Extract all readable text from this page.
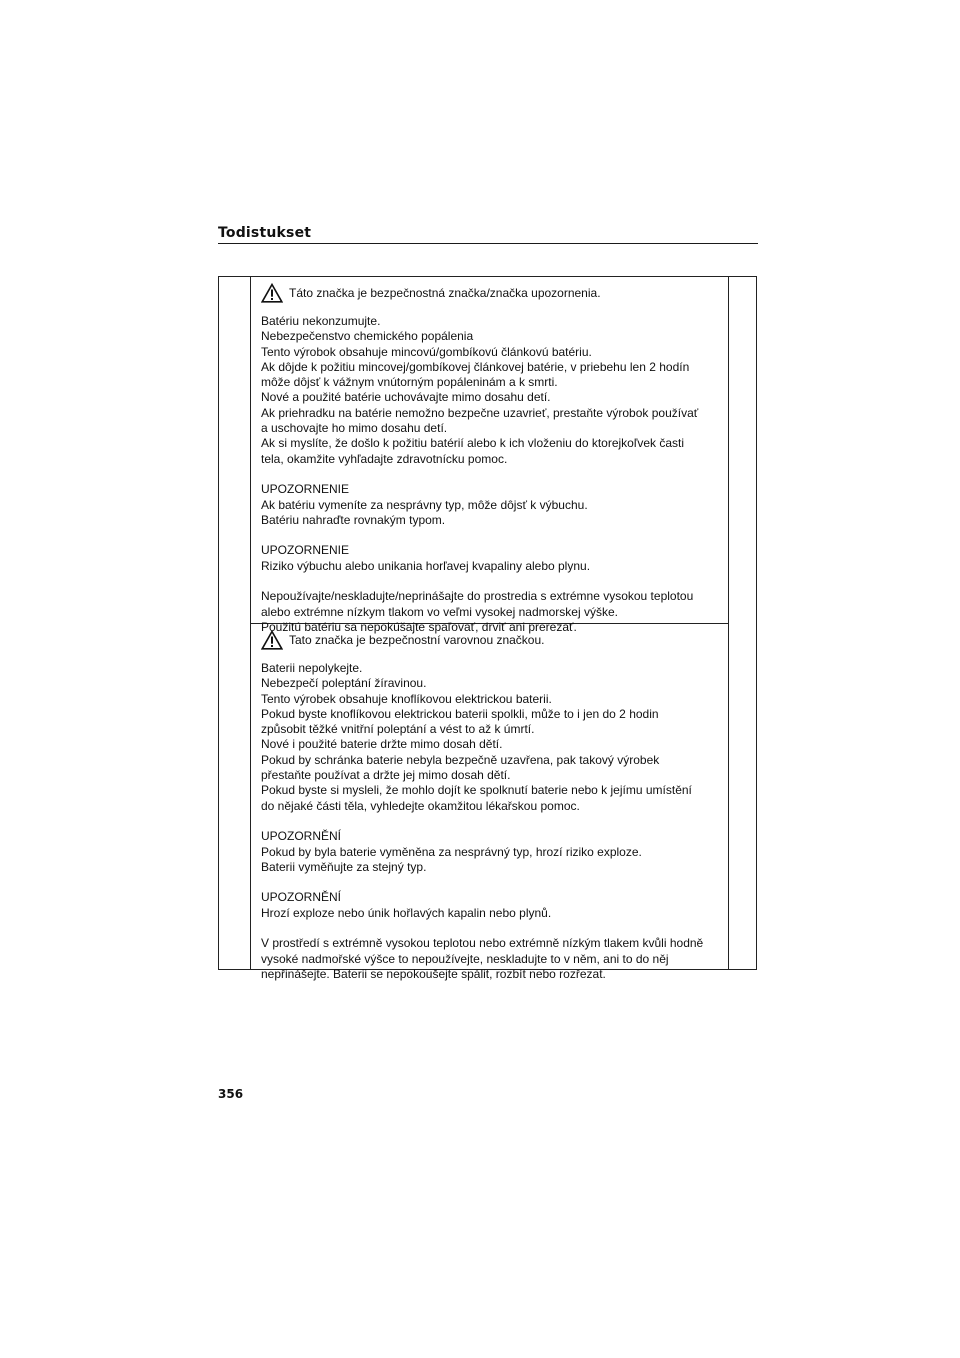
Todistukset
Táto značka je bezpečnostná značka/značka upozornenia.
Batériu nekonzumujte.
Nebezpečenstvo chemického popálenia
Tento výrobok obsahuje mincovú/gombíkovú článkovú batériu.
Ak dôjde k požitiu mincovej/gombíkovej článkovej batérie, v priebehu len 2 hodín
môže dôjsť k vážnym vnútorným popáleninám a k smrti.
Nové a použité batérie uchovávajte mimo dosahu detí.
Ak priehradku na batérie nemožno bezpečne uzavrieť, prestaňte výrobok používať
a uschovajte ho mimo dosahu detí.
Ak si myslíte, že došlo k požitiu batérií alebo k ich vloženiu do ktorejkoľvek časti
tela, okamžite vyhľadajte zdravotnícku pomoc.
UPOZORNENIE
Ak batériu vymeníte za nesprávny typ, môže dôjsť k výbuchu.
Batériu nahraďte rovnakým typom.
UPOZORNENIE
Riziko výbuchu alebo unikania horľavej kvapaliny alebo plynu.
Nepoužívajte/neskladujte/neprinášajte do prostredia s extrémne vysokou teplotou
alebo extrémne nízkym tlakom vo veľmi vysokej nadmorskej výške.
Použitú batériu sa nepokúšajte spaľovať, drviť ani prerezať.
Tato značka je bezpečnostní varovnou značkou.
Baterii nepolykejte.
Nebezpečí poleptání žíravinou.
Tento výrobek obsahuje knoflíkovou elektrickou baterii.
Pokud byste knoflíkovou elektrickou baterii spolkli, může to i jen do 2 hodin
způsobit těžké vnitřní poleptání a vést to až k úmrtí.
Nové i použité baterie držte mimo dosah dětí.
Pokud by schránka baterie nebyla bezpečně uzavřena, pak takový výrobek
přestaňte používat a držte jej mimo dosah dětí.
Pokud byste si mysleli, že mohlo dojít ke spolknutí baterie nebo k jejímu umístění
do nějaké části těla, vyhledejte okamžitou lékařskou pomoc.
UPOZORNĚNÍ
Pokud by byla baterie vyměněna za nesprávný typ, hrozí riziko exploze.
Baterii vyměňujte za stejný typ.
UPOZORNĚNÍ
Hrozí exploze nebo únik hořlavých kapalin nebo plynů.
V prostředí s extrémně vysokou teplotou nebo extrémně nízkým tlakem kvůli hodně
vysoké nadmořské výšce to nepoužívejte, neskladujte to v něm, ani to do něj
nepřinášejte. Baterii se nepokoušejte spálit, rozbít nebo rozřezat.
356
